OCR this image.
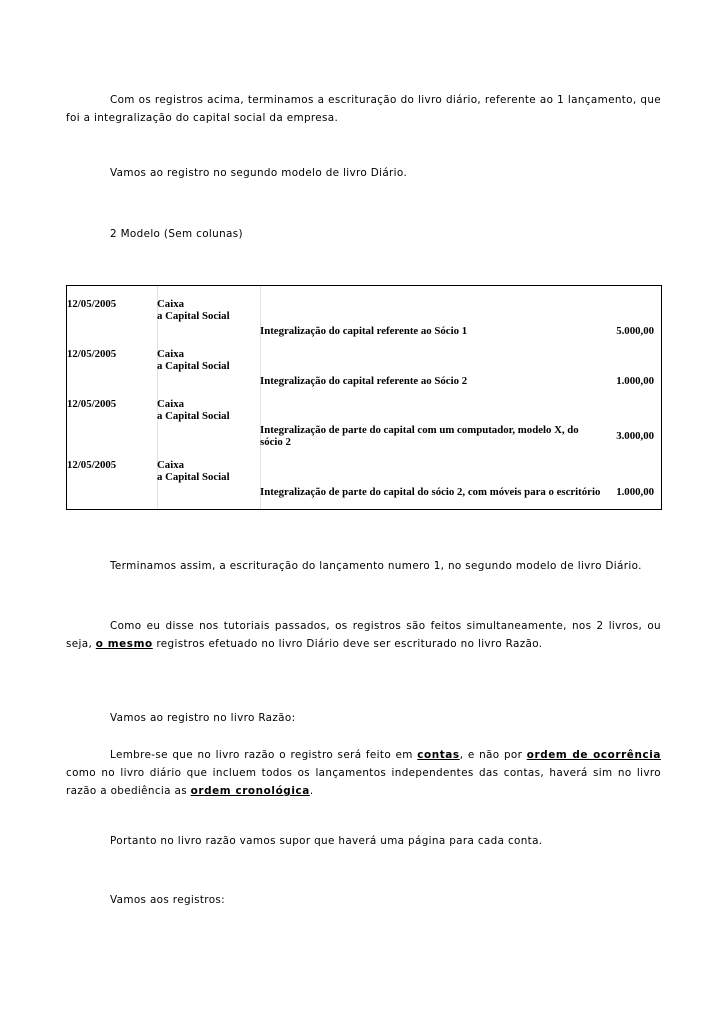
Com os registros acima, terminamos a escrituração do livro diário, referente ao 1 lançamento, que foi a integralização do capital social da empresa.
Vamos ao registro no segundo modelo de livro Diário.
2 Modelo (Sem colunas)
12/05/2005	Caixa
a Capital Social
Integralização do capital referente ao Sócio 1	5.000,00
12/05/2005	Caixa
a Capital Social
Integralização do capital referente ao Sócio 2	1.000,00
12/05/2005	Caixa
a Capital Social
Integralização de parte do capital com um computador, modelo X, do sócio 2	3.000,00
12/05/2005	Caixa
a Capital Social
Integralização de parte do capital do sócio 2, com móveis para o escritório	1.000,00
Terminamos assim, a escrituração do lançamento numero 1, no segundo modelo de livro Diário.
Como eu disse nos tutoriais passados, os registros são feitos simultaneamente, nos 2 livros, ou seja, o mesmo registros efetuado no livro Diário deve ser escriturado no livro Razão.
Vamos ao registro no livro Razão:
Lembre-se que no livro razão o registro será feito em contas, e não por ordem de ocorrência como no livro diário que incluem todos os lançamentos independentes das contas, haverá sim no livro razão a obediência as ordem cronológica.
Portanto no livro razão vamos supor que haverá uma página para cada conta.
Vamos aos registros:
